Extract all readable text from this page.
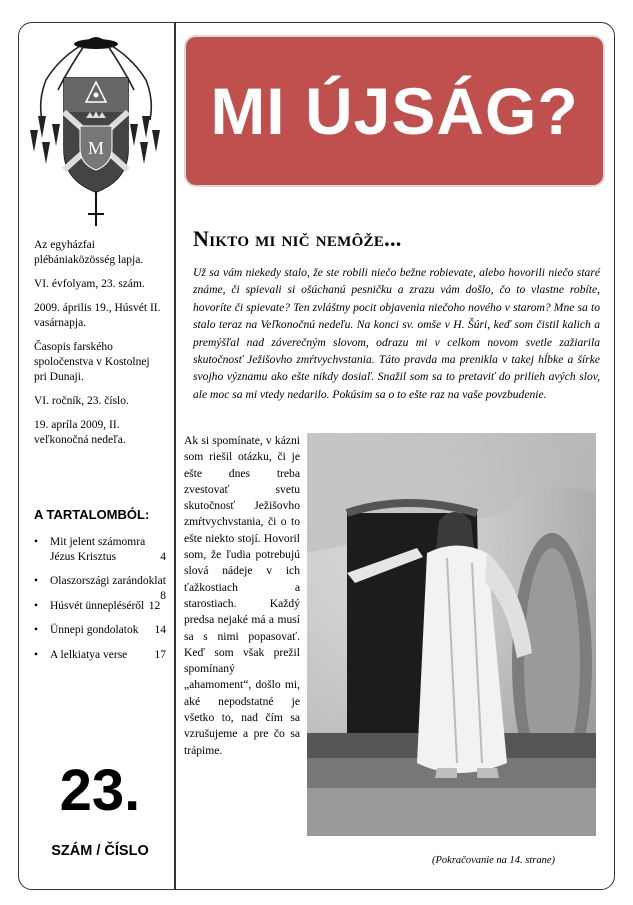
M

Az egyházfai plébániaközösség lapja.

VI. évfolyam, 23. szám.

2009. április 19., Húsvét II. vasárnapja.

Časopis farského spoločenstva v Kostolnej pri Dunaji.

VI. ročník, 23. číslo.

19. apríla 2009, II. veľkonočná nedeľa.

A TARTALOMBÓL:
• Mit jelent számomra Jézus Krisztus	4
• Olaszországi zarándoklat
8
• Húsvét ünnepléséről 12
• Ünnepi gondolatok 14
• A lelkiatya verse 17
23.
SZÁM / ČÍSLO
MI ÚJSÁG?
Nikto mi nič nemôže...
Už sa vám niekedy stalo, že ste robili niečo bežne robievate, alebo hovorili niečo staré známe, či spievali si ošúchanú pesničku a zrazu vám došlo, čo to vlastne robíte, hovoríte či spievate? Ten zvláštny pocit objavenia niečoho nového v starom? Mne sa to stalo teraz na Veľkonočnú nedeľu. Na konci sv. omše v H. Šúri, keď som čistil kalich a premýšľal nad záverečným slovom, odrazu mi v celkom novom svetle zažiarila skutočnosť Ježišovho zmŕtvychvstania. Táto pravda ma prenikla v takej hĺbke a šírke svojho významu ako ešte nikdy dosiaľ. Snažil som sa to pretaviť do prilieh avých slov, ale moc sa mi vtedy nedarilo. Pokúsim sa o to ešte raz na vaše povzbudenie.
Ak si spomínate, v kázni som riešil otázku, či je ešte dnes treba zvestovať svetu skutočnosť Ježišovho zmŕtvychvstania, či o to ešte niekto stojí. Hovoril som, že ľudia potrebujú slová nádeje v ich ťažkostiach a starostiach. Každý predsa nejaké má a musí sa s nimi popasovať. Keď som však prežil spomínaný „ahamoment“, došlo mi, aké nepodstatné je všetko to, nad čím sa vzrušujeme a pre čo sa trápime.
(Pokračovanie na 14. strane)
